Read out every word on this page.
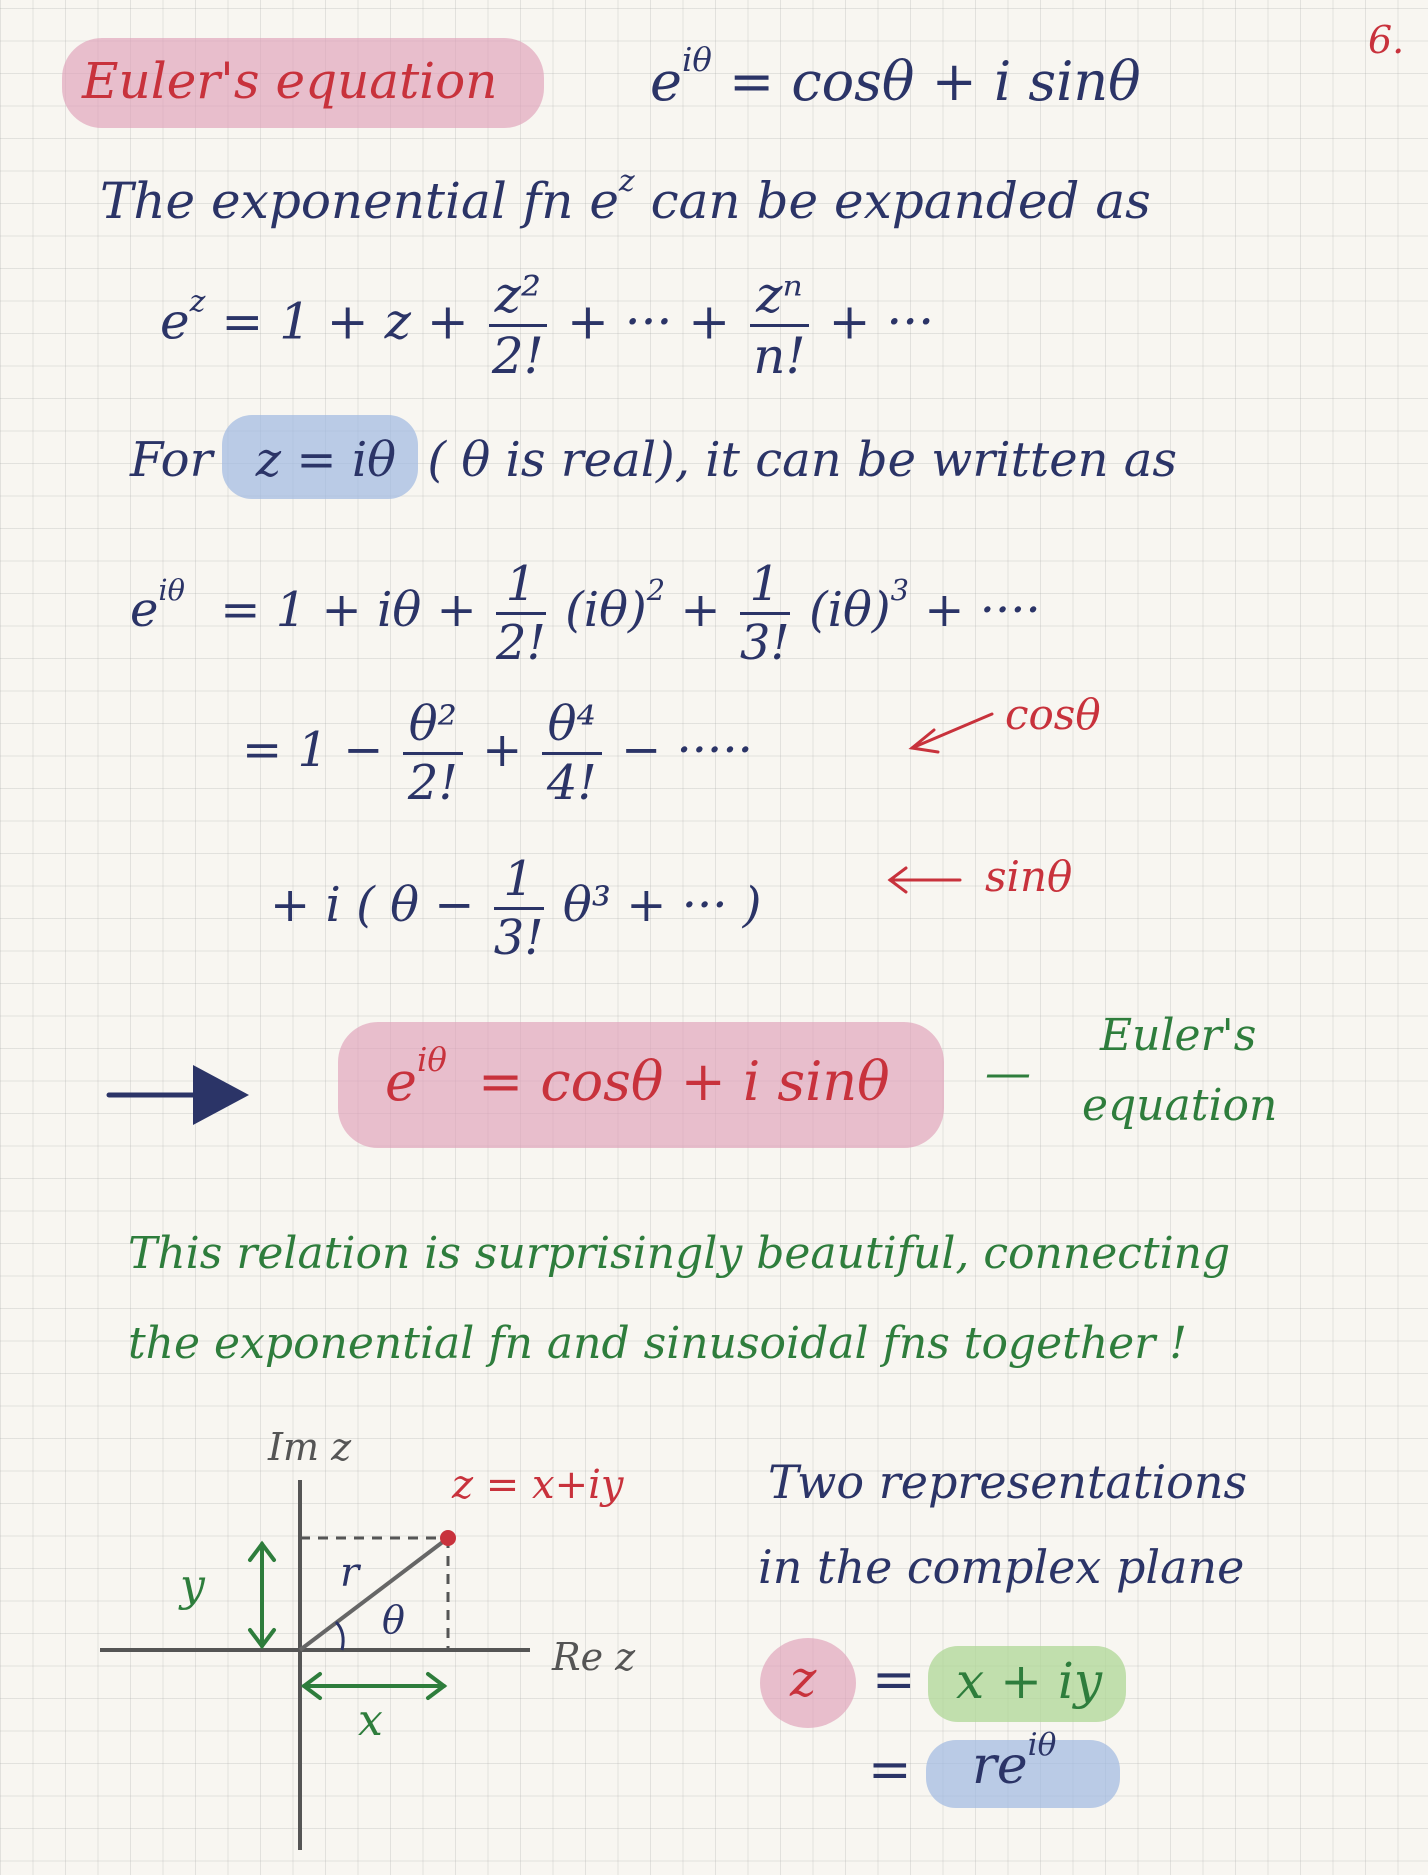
6.
Euler's equation	$e^{i\theta} = \cos\theta + i$ sinθ
The exponential fn $e^z$ can be expanded as
$e^z = 1 + z + \frac{\text{z²}}{2!}$ + ··· + $\frac{\text{zⁿ}}{n!}$ + ···
For z = iθ ( θ is real), it can be written as
$e^{i\theta} = 1 + i\theta + \frac{1}{2!} (i\theta)^2 + \frac{1}{3!} (i\theta)^3$ + ····
= $1 - \frac{\text{θ²}}{2!} + \frac{\text{θ⁴}}{4!}$ − ·····
cosθ
+ i ( $\theta - \frac{1}{3!} \theta^3$ + ··· )
sinθ
$e^{i\theta} = \cos\theta + i$ sinθ —
Euler's
equation
This relation is surprisingly beautiful, connecting
the exponential fn and sinusoidal fns together !
Im z
Re z
z = x+iy
r
θ
y
x
Two representations
in the complex plane
z = x + iy
= $re^{i\theta}$
